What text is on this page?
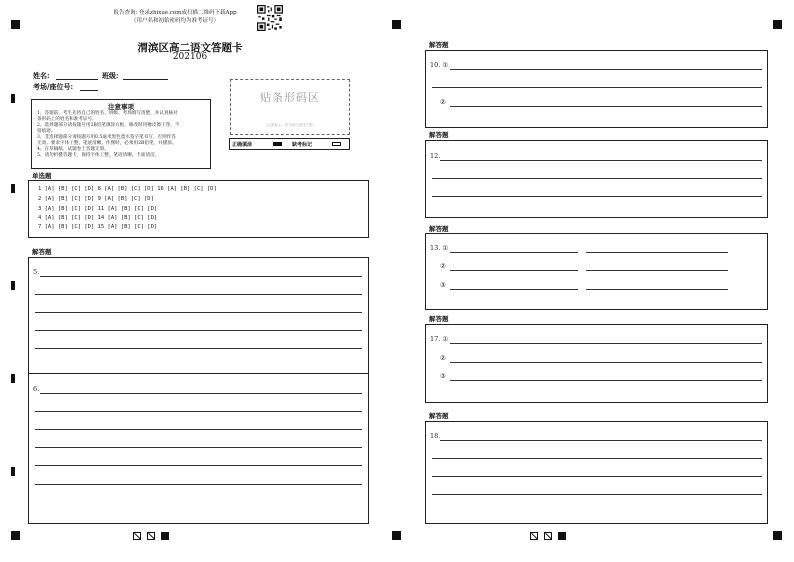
报告查询: 登录zhixue.com或扫描二维码下载App
（用户名和初始密码均为准考证号）
渭滨区高二语文答题卡
202106
姓名:	班级:
考场/座位号:
贴条形码区
（正面朝上，切勿贴出虚线方框）
正确填涂	缺考标记
注意事项
1、答题前，考生先将自己的姓名、班级、考场填写清楚，并认真核对
条形码上的姓名和准考证号。
2、选择题部分请按题号用2B铅笔填涂方框，修改时用橡皮擦干净，不
留痕迹。
3、非选择题部分请按题号用0.5毫米黑色墨水签字笔书写，否则作答
无效。要求字体工整、笔迹清晰。作图时，必须用2B铅笔，并描浓。
4、在草稿纸、试题卷上答题无效。
5、请勿折叠答题卡，保持字体工整、笔迹清晰、卡面清洁。
单选题
1 [A] [B] [C] [D] 8 [A] [B] [C] [D] 16 [A] [B] [C] [D]
2 [A] [B] [C] [D] 9 [A] [B] [C] [D]
3 [A] [B] [C] [D] 11 [A] [B] [C] [D]
4 [A] [B] [C] [D] 14 [A] [B] [C] [D]
7 [A] [B] [C] [D] 15 [A] [B] [C] [D]
解答题
5.
6.
解答题
10. ①
②
解答题
12.
解答题
13. ①
②
③
解答题
17. ①
②
③
解答题
18.
